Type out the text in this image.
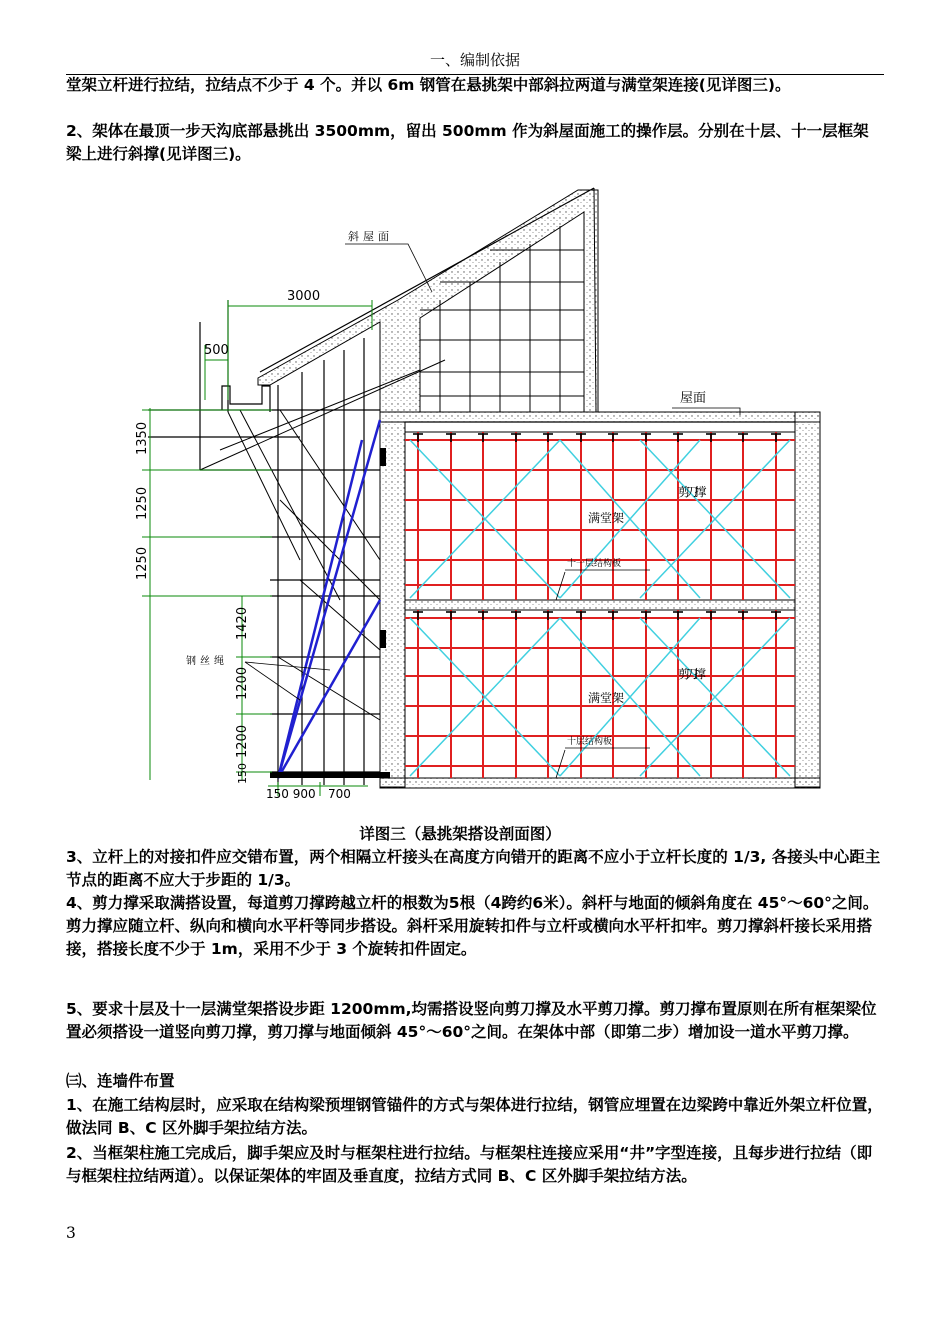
一、编制依据
堂架立杆进行拉结，拉结点不少于 4 个。并以 6m 钢管在悬挑架中部斜拉两道与满堂架连接(见详图三)。
2、架体在最顶一步天沟底部悬挑出 3500mm，留出 500mm 作为斜屋面施工的操作层。分别在十层、十一层框架梁上进行斜撑(见详图三)。
斜屋面
屋面
满堂架
满堂架
十一层结构板
十层结构板
剪刀撑
剪刀撑
钢丝绳
3000
500
1350
1250
1250
1420
1200
1200
150
150 900 700
详图三（悬挑架搭设剖面图）
3、立杆上的对接扣件应交错布置，两个相隔立杆接头在高度方向错开的距离不应小于立杆长度的 1/3, 各接头中心距主节点的距离不应大于步距的 1/3。
4、剪力撑采取满搭设置，每道剪刀撑跨越立杆的根数为5根（4跨约6米）。斜杆与地面的倾斜角度在 45°～60°之间。剪力撑应随立杆、纵向和横向水平杆等同步搭设。斜杆采用旋转扣件与立杆或横向水平杆扣牢。剪刀撑斜杆接长采用搭接，搭接长度不少于 1m，采用不少于 3 个旋转扣件固定。
5、要求十层及十一层满堂架搭设步距 1200mm,均需搭设竖向剪刀撑及水平剪刀撑。剪刀撑布置原则在所有框架梁位置必须搭设一道竖向剪刀撑，剪刀撑与地面倾斜 45°～60°之间。在架体中部（即第二步）增加设一道水平剪刀撑。
㈢、连墙件布置
1、在施工结构层时，应采取在结构梁预埋钢管锚件的方式与架体进行拉结，钢管应埋置在边梁跨中靠近外架立杆位置，做法同 B、C 区外脚手架拉结方法。
2、当框架柱施工完成后，脚手架应及时与框架柱进行拉结。与框架柱连接应采用“井”字型连接，且每步进行拉结（即与框架柱拉结两道）。以保证架体的牢固及垂直度，拉结方式同 B、C 区外脚手架拉结方法。
3
